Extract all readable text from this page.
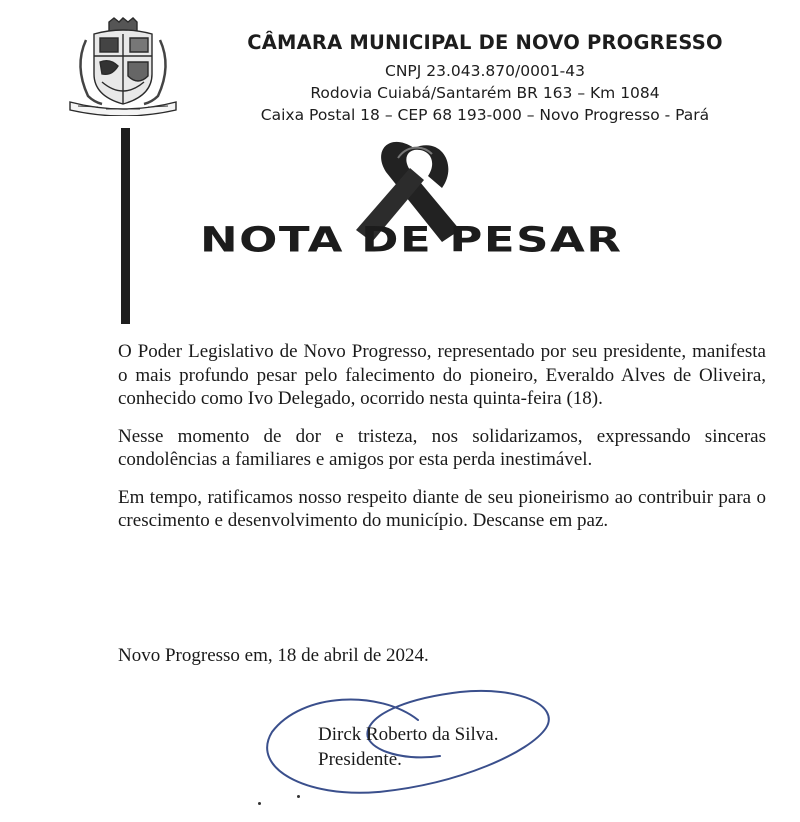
CÂMARA MUNICIPAL DE NOVO PROGRESSO
CNPJ 23.043.870/0001-43
Rodovia Cuiabá/Santarém BR 163 – Km 1084
Caixa Postal 18 – CEP 68 193-000 – Novo Progresso - Pará
NOTA DE PESAR

O Poder Legislativo de Novo Progresso, representado por seu presidente, manifesta o mais profundo pesar pelo falecimento do pioneiro, Everaldo Alves de Oliveira, conhecido como Ivo Delegado, ocorrido nesta quinta-feira (18).

Nesse momento de dor e tristeza, nos solidarizamos, expressando sinceras condolências a familiares e amigos por esta perda inestimável.

Em tempo, ratificamos nosso respeito diante de seu pioneirismo ao contribuir para o crescimento e desenvolvimento do município. Descanse em paz.

Novo Progresso em, 18 de abril de 2024.
Dirck Roberto da Silva.
Presidente.
